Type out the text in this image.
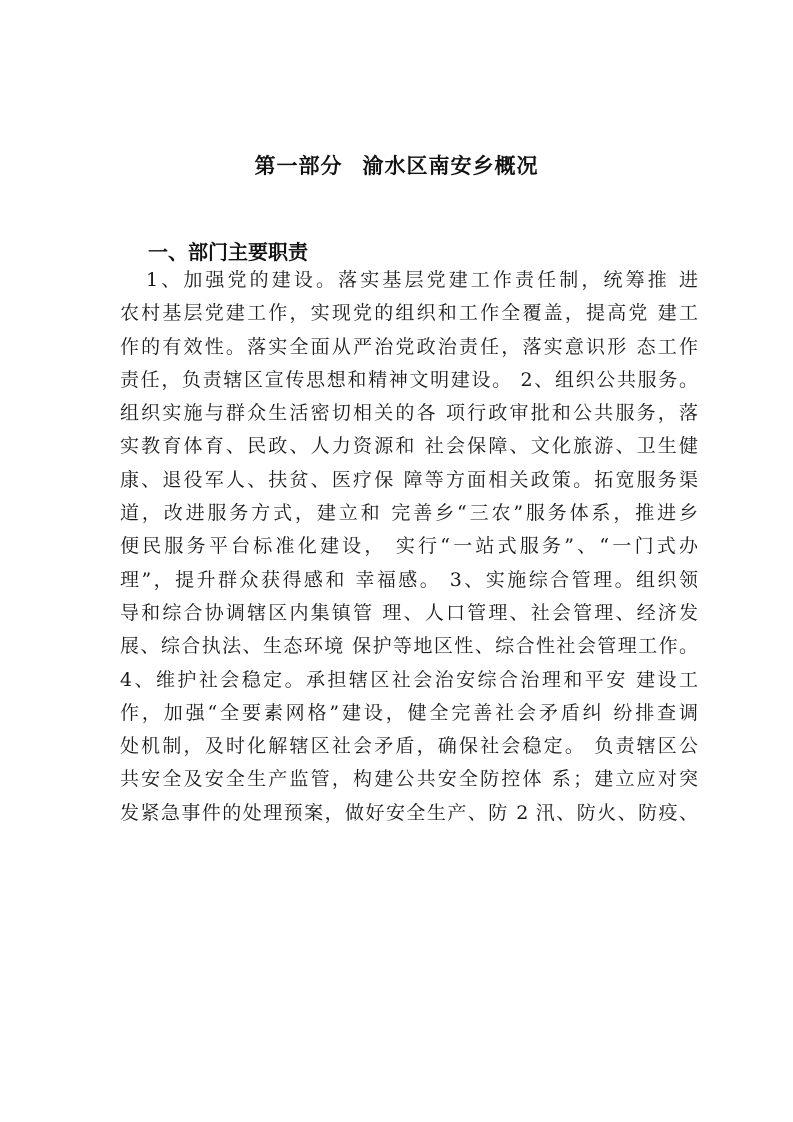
第一部分 渝水区南安乡概况
一、部门主要职责
1、加强党的建设。落实基层党建工作责任制，统筹推 进
农村基层党建工作，实现党的组织和工作全覆盖，提高党 建工
作的有效性。落实全面从严治党政治责任，落实意识形 态工作
责任，负责辖区宣传思想和精神文明建设。 2、组织公共服务。
组织实施与群众生活密切相关的各 项行政审批和公共服务，落
实教育体育、民政、人力资源和 社会保障、文化旅游、卫生健
康、退役军人、扶贫、医疗保 障等方面相关政策。拓宽服务渠
道，改进服务方式，建立和 完善乡“三农”服务体系，推进乡
便民服务平台标准化建设， 实行“一站式服务”、“一门式办
理”，提升群众获得感和 幸福感。 3、实施综合管理。组织领
导和综合协调辖区内集镇管 理、人口管理、社会管理、经济发
展、综合执法、生态环境 保护等地区性、综合性社会管理工作。
4、维护社会稳定。承担辖区社会治安综合治理和平安 建设工
作，加强“全要素网格”建设，健全完善社会矛盾纠 纷排查调
处机制，及时化解辖区社会矛盾，确保社会稳定。 负责辖区公
共安全及安全生产监管，构建公共安全防控体 系；建立应对突
发紧急事件的处理预案，做好安全生产、防 2 汛、防火、防疫、
